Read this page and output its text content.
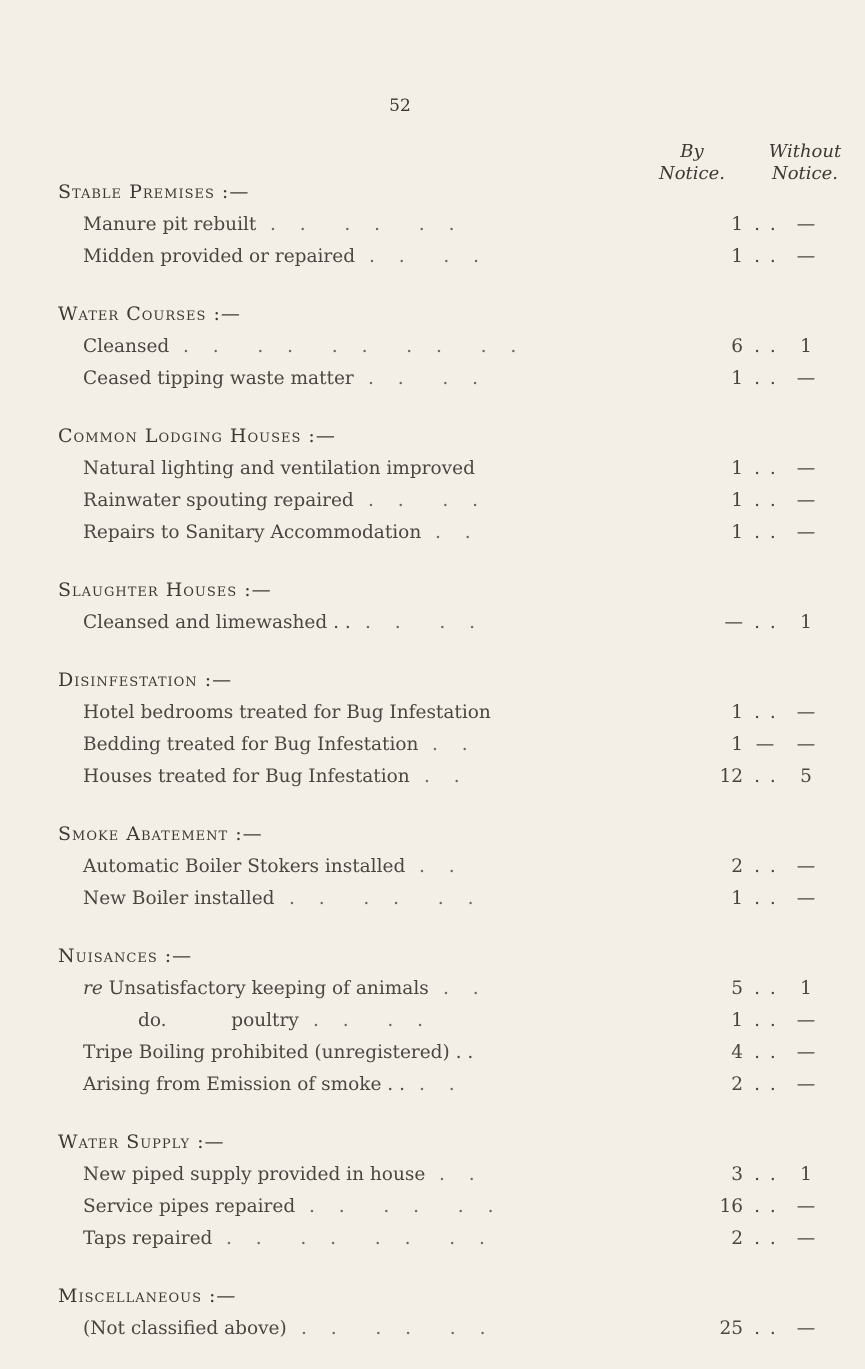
52
By
Notice.
Without
Notice.
Stable Premises :—
Manure pit rebuilt . .  . .  . .	1 . .	—
Midden provided or repaired . .  . .	1 . .	—
Water Courses :—
Cleansed . .  . .  . .  . .  . .	6 . .	1
Ceased tipping waste matter . .  . .	1 . .	—
Common Lodging Houses :—
Natural lighting and ventilation improved	1 . .	—
Rainwater spouting repaired . .  . .	1 . .	—
Repairs to Sanitary Accommodation . .	1 . .	—
Slaughter Houses :—
Cleansed and limewashed . . . .  . .	— . .	1
Disinfestation :—
Hotel bedrooms treated for Bug Infestation	1 . .	—
Bedding treated for Bug Infestation . .	1 —	—
Houses treated for Bug Infestation . .	12 . .	5
Smoke Abatement :—
Automatic Boiler Stokers installed . .	2 . .	—
New Boiler installed . .  . .  . .	1 . .	—
Nuisances :—
re Unsatisfactory keeping of animals . .	5 . .	1
do.           poultry . .  . .	1 . .	—
Tripe Boiling prohibited (unregistered) . .	4 . .	—
Arising from Emission of smoke . . . .	2 . .	—
Water Supply :—
New piped supply provided in house . .	3 . .	1
Service pipes repaired . .  . .  . .	16 . .	—
Taps repaired . .  . .  . .  . .	2 . .	—
Miscellaneous :—
(Not classified above) . .  . .  . .	25 . .	—
